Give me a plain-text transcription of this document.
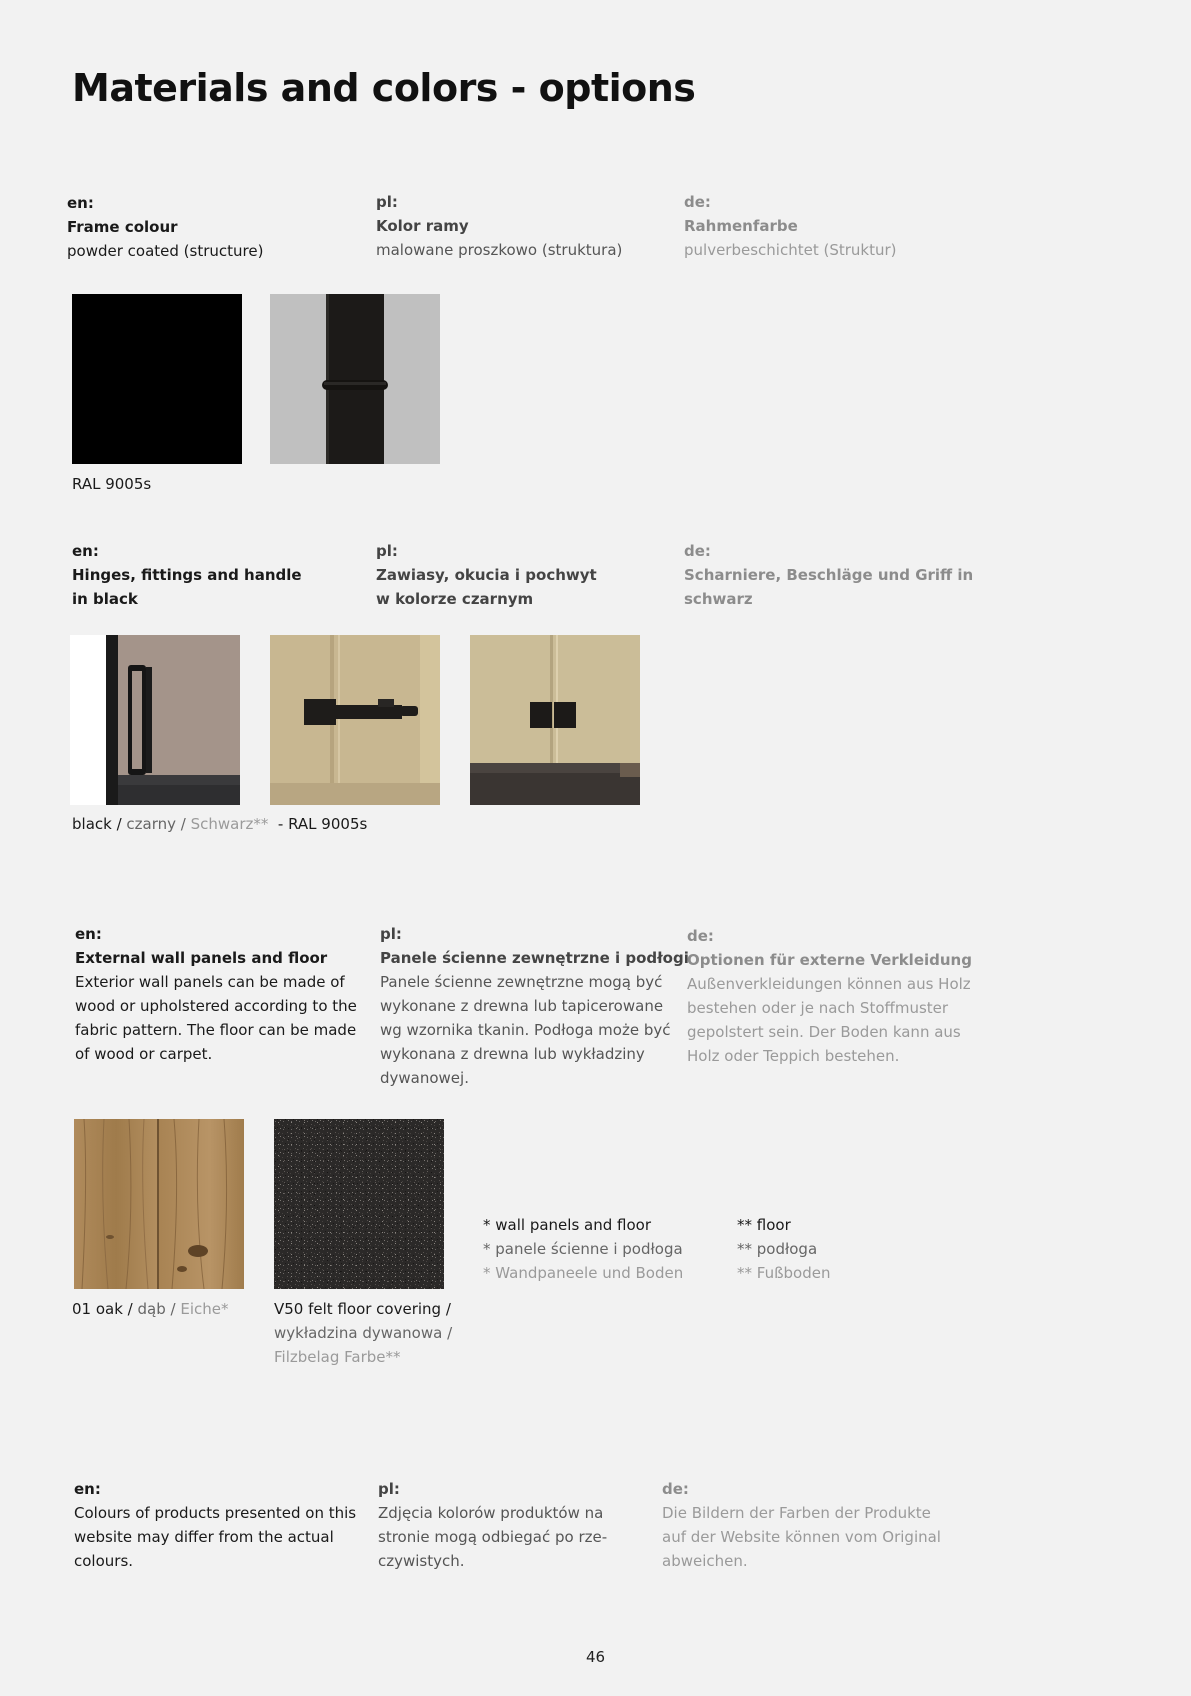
Materials and colors - options
en:
Frame colour
powder coated (structure)
pl:
Kolor ramy
malowane proszkowo (struktura)
de:
Rahmenfarbe
pulverbeschichtet (Struktur)
RAL 9005s
en:
Hinges, fittings and handle
in black
pl:
Zawiasy, okucia i pochwyt
w kolorze czarnym
de:
Scharniere, Beschläge und Griff in
schwarz
black / czarny / Schwarz**  - RAL 9005s
en:
External wall panels and floor
Exterior wall panels can be made of
wood or upholstered according to the
fabric pattern. The floor can be made
of wood or carpet.
pl:
Panele ścienne zewnętrzne i podłogi
Panele ścienne zewnętrzne mogą być
wykonane z drewna lub tapicerowane
wg wzornika tkanin. Podłoga może być
wykonana z drewna lub wykładziny
dywanowej.
de:
Optionen für externe Verkleidung
Außenverkleidungen können aus Holz
bestehen oder je nach Stoffmuster
gepolstert sein. Der Boden kann aus
Holz oder Teppich bestehen.
01 oak / dąb / Eiche*	V50 felt floor covering /
wykładzina dywanowa /
Filzbelag Farbe**
* wall panels and floor
* panele ścienne i podłoga
* Wandpaneele und Boden
** floor
** podłoga
** Fußboden
en:
Colours of products presented on this
website may differ from the actual
colours.
pl:
Zdjęcia kolorów produktów na
stronie mogą odbiegać po rze-
czywistych.
de:
Die Bildern der Farben der Produkte
auf der Website können vom Original
abweichen.
46
